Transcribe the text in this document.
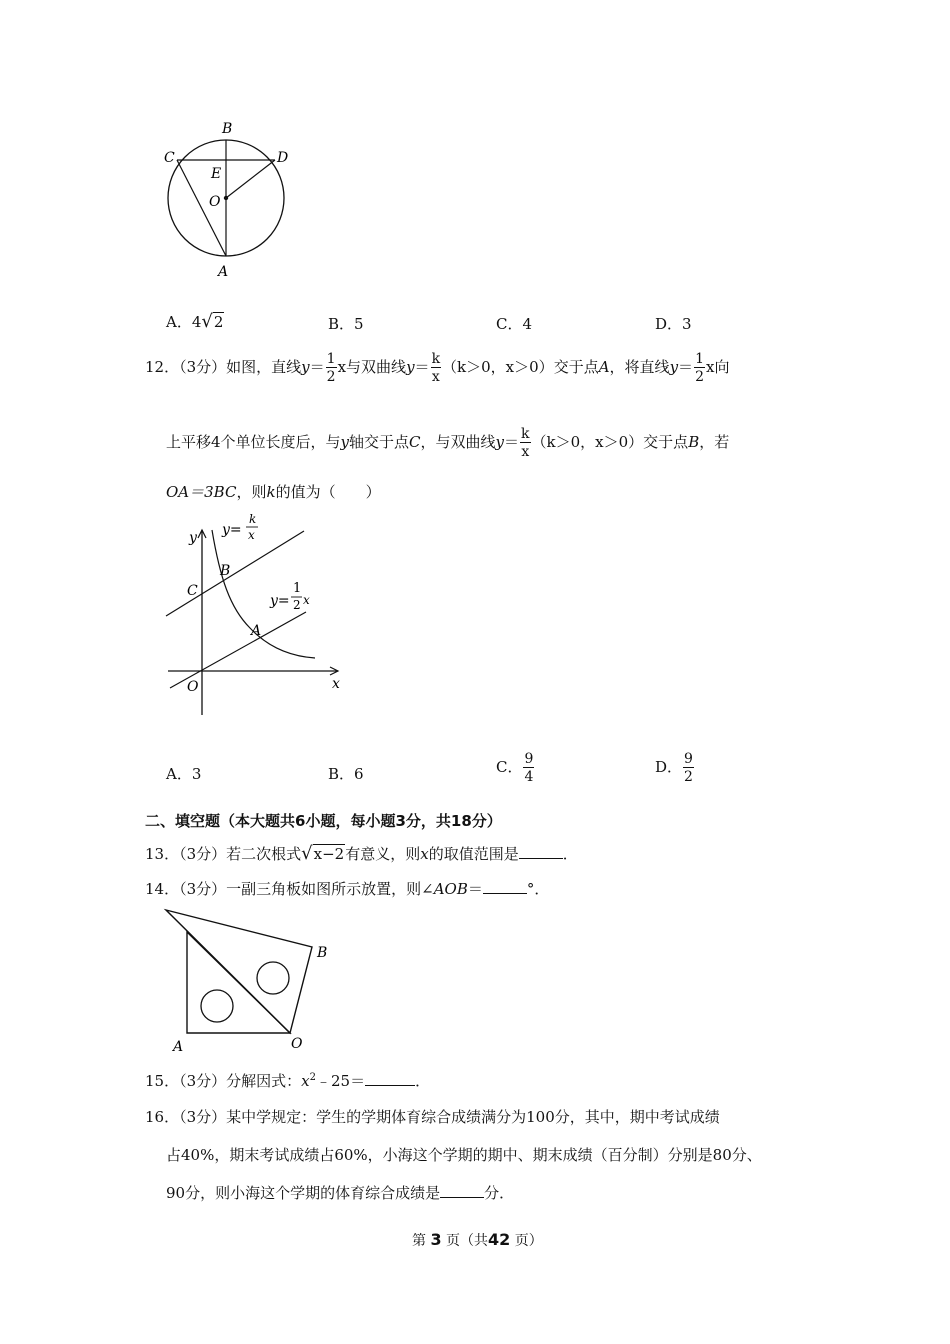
B
C	D
E
O
A
A．4√2	B．5	C．4	D．3
12．（3分）如图，直线$y= \frac{1}{2}$ x与双曲线$y= \frac{k}{x} (k>0$，x＞0）交于点A，将直线$y= \frac{1}{2}$ x向
上平移4个单位长度后，与y轴交于点C，与双曲线$y= \frac{k}{x} (k>0$，x＞0）交于点B，若
OA＝3BC，则k的值为（　　）
y
x
O
C
B
A
y=
k
x
y=
1
2 x
A．3	B．6	C． $\frac{9}{4}$	D． $\frac{9}{2}$
二、填空题（本大题共6小题，每小题3分，共18分）
13．（3分）若二次根式√x−2有意义，则x的取值范围是	．
14．（3分）一副三角板如图所示放置，则∠AOB＝	°．
A	O
B
15．（3分）分解因式：$x^2﹣25=$	．
16．（3分）某中学规定：学生的学期体育综合成绩满分为100分，其中，期中考试成绩
占40%，期末考试成绩占60%，小海这个学期的期中、期末成绩（百分制）分别是80分、
90分，则小海这个学期的体育综合成绩是	分．
第 3 页（共42 页）
